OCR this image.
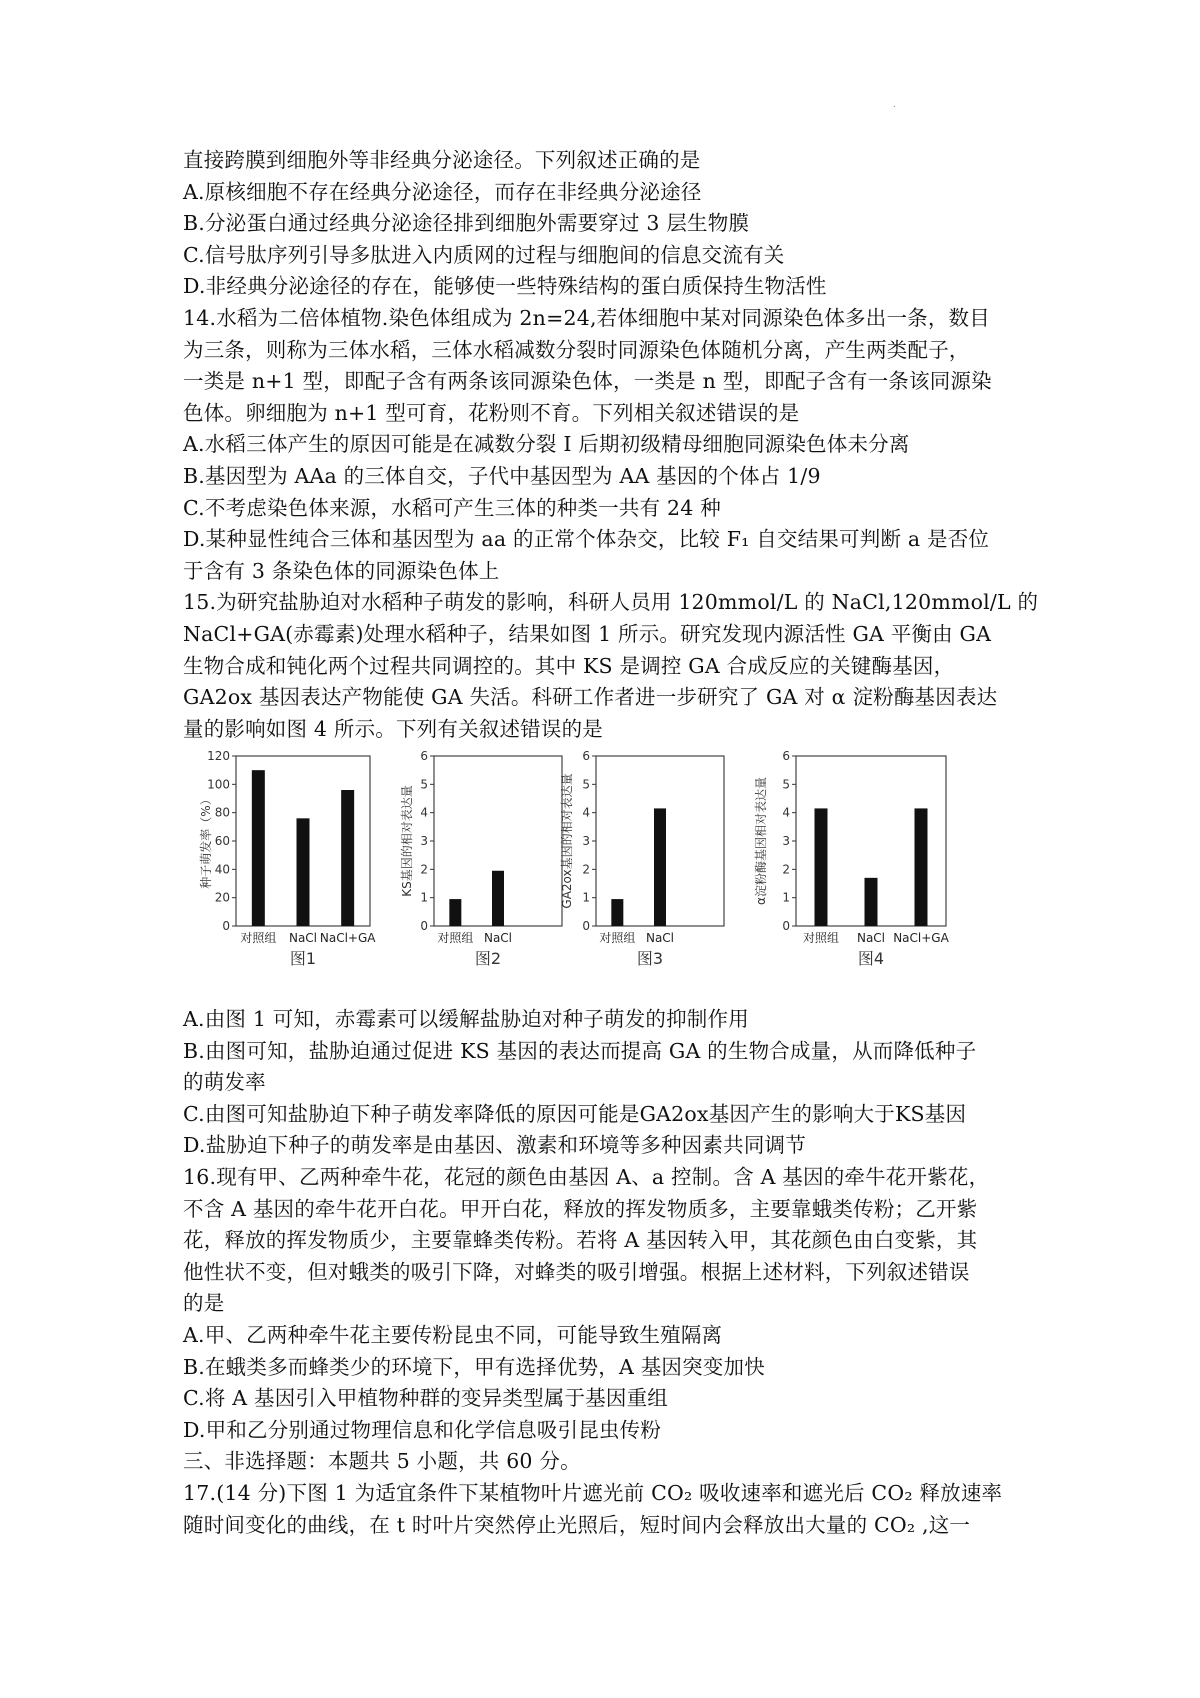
.
直接跨膜到细胞外等非经典分泌途径。下列叙述正确的是
A.原核细胞不存在经典分泌途径，而存在非经典分泌途径
B.分泌蛋白通过经典分泌途径排到细胞外需要穿过 3 层生物膜
C.信号肽序列引导多肽进入内质网的过程与细胞间的信息交流有关
D.非经典分泌途径的存在，能够使一些特殊结构的蛋白质保持生物活性
14.水稻为二倍体植物.染色体组成为 2n=24,若体细胞中某对同源染色体多出一条，数目
为三条，则称为三体水稻，三体水稻减数分裂时同源染色体随机分离，产生两类配子，
一类是 n+1 型，即配子含有两条该同源染色体，一类是 n 型，即配子含有一条该同源染
色体。卵细胞为 n+1 型可育，花粉则不育。下列相关叙述错误的是
A.水稻三体产生的原因可能是在减数分裂 I 后期初级精母细胞同源染色体未分离
B.基因型为 AAa 的三体自交，子代中基因型为 AA 基因的个体占 1/9
C.不考虑染色体来源，水稻可产生三体的种类一共有 24 种
D.某种显性纯合三体和基因型为 aa 的正常个体杂交，比较 F₁ 自交结果可判断 a 是否位
于含有 3 条染色体的同源染色体上
15.为研究盐胁迫对水稻种子萌发的影响，科研人员用 120mmol/L 的 NaCl,120mmol/L 的
NaCl+GA(赤霉素)处理水稻种子，结果如图 1 所示。研究发现内源活性 GA 平衡由 GA
生物合成和钝化两个过程共同调控的。其中 KS 是调控 GA 合成反应的关键酶基因，
GA2ox 基因表达产物能使 GA 失活。科研工作者进一步研究了 GA 对 α 淀粉酶基因表达
量的影响如图 4 所示。下列有关叙述错误的是
0
20
40
60
80
100
120
种子萌发率（%）
对照组 NaCl NaCl+GA
图1
0
1
2
3
4
5
6
KS基因的相对表达量
对照组 NaCl
图2
0
1
2
3
4
5
6
GA2ox基因的相对表达量
对照组 NaCl
图3
0
1
2
3
4
5
6
α淀粉酶基因相对表达量
对照组 NaCl NaCl+GA
图4
A.由图 1 可知，赤霉素可以缓解盐胁迫对种子萌发的抑制作用
B.由图可知，盐胁迫通过促进 KS 基因的表达而提高 GA 的生物合成量，从而降低种子
的萌发率
C.由图可知盐胁迫下种子萌发率降低的原因可能是GA2ox基因产生的影响大于KS基因
D.盐胁迫下种子的萌发率是由基因、激素和环境等多种因素共同调节
16.现有甲、乙两种牵牛花，花冠的颜色由基因 A、a 控制。含 A 基因的牵牛花开紫花，
不含 A 基因的牵牛花开白花。甲开白花，释放的挥发物质多，主要靠蛾类传粉；乙开紫
花，释放的挥发物质少，主要靠蜂类传粉。若将 A 基因转入甲，其花颜色由白变紫，其
他性状不变，但对蛾类的吸引下降，对蜂类的吸引增强。根据上述材料，下列叙述错误
的是
A.甲、乙两种牵牛花主要传粉昆虫不同，可能导致生殖隔离
B.在蛾类多而蜂类少的环境下，甲有选择优势，A 基因突变加快
C.将 A 基因引入甲植物种群的变异类型属于基因重组
D.甲和乙分别通过物理信息和化学信息吸引昆虫传粉
三、非选择题：本题共 5 小题，共 60 分。
17.(14 分)下图 1 为适宜条件下某植物叶片遮光前 CO₂ 吸收速率和遮光后 CO₂ 释放速率
随时间变化的曲线，在 t 时叶片突然停止光照后，短时间内会释放出大量的 CO₂ ,这一
